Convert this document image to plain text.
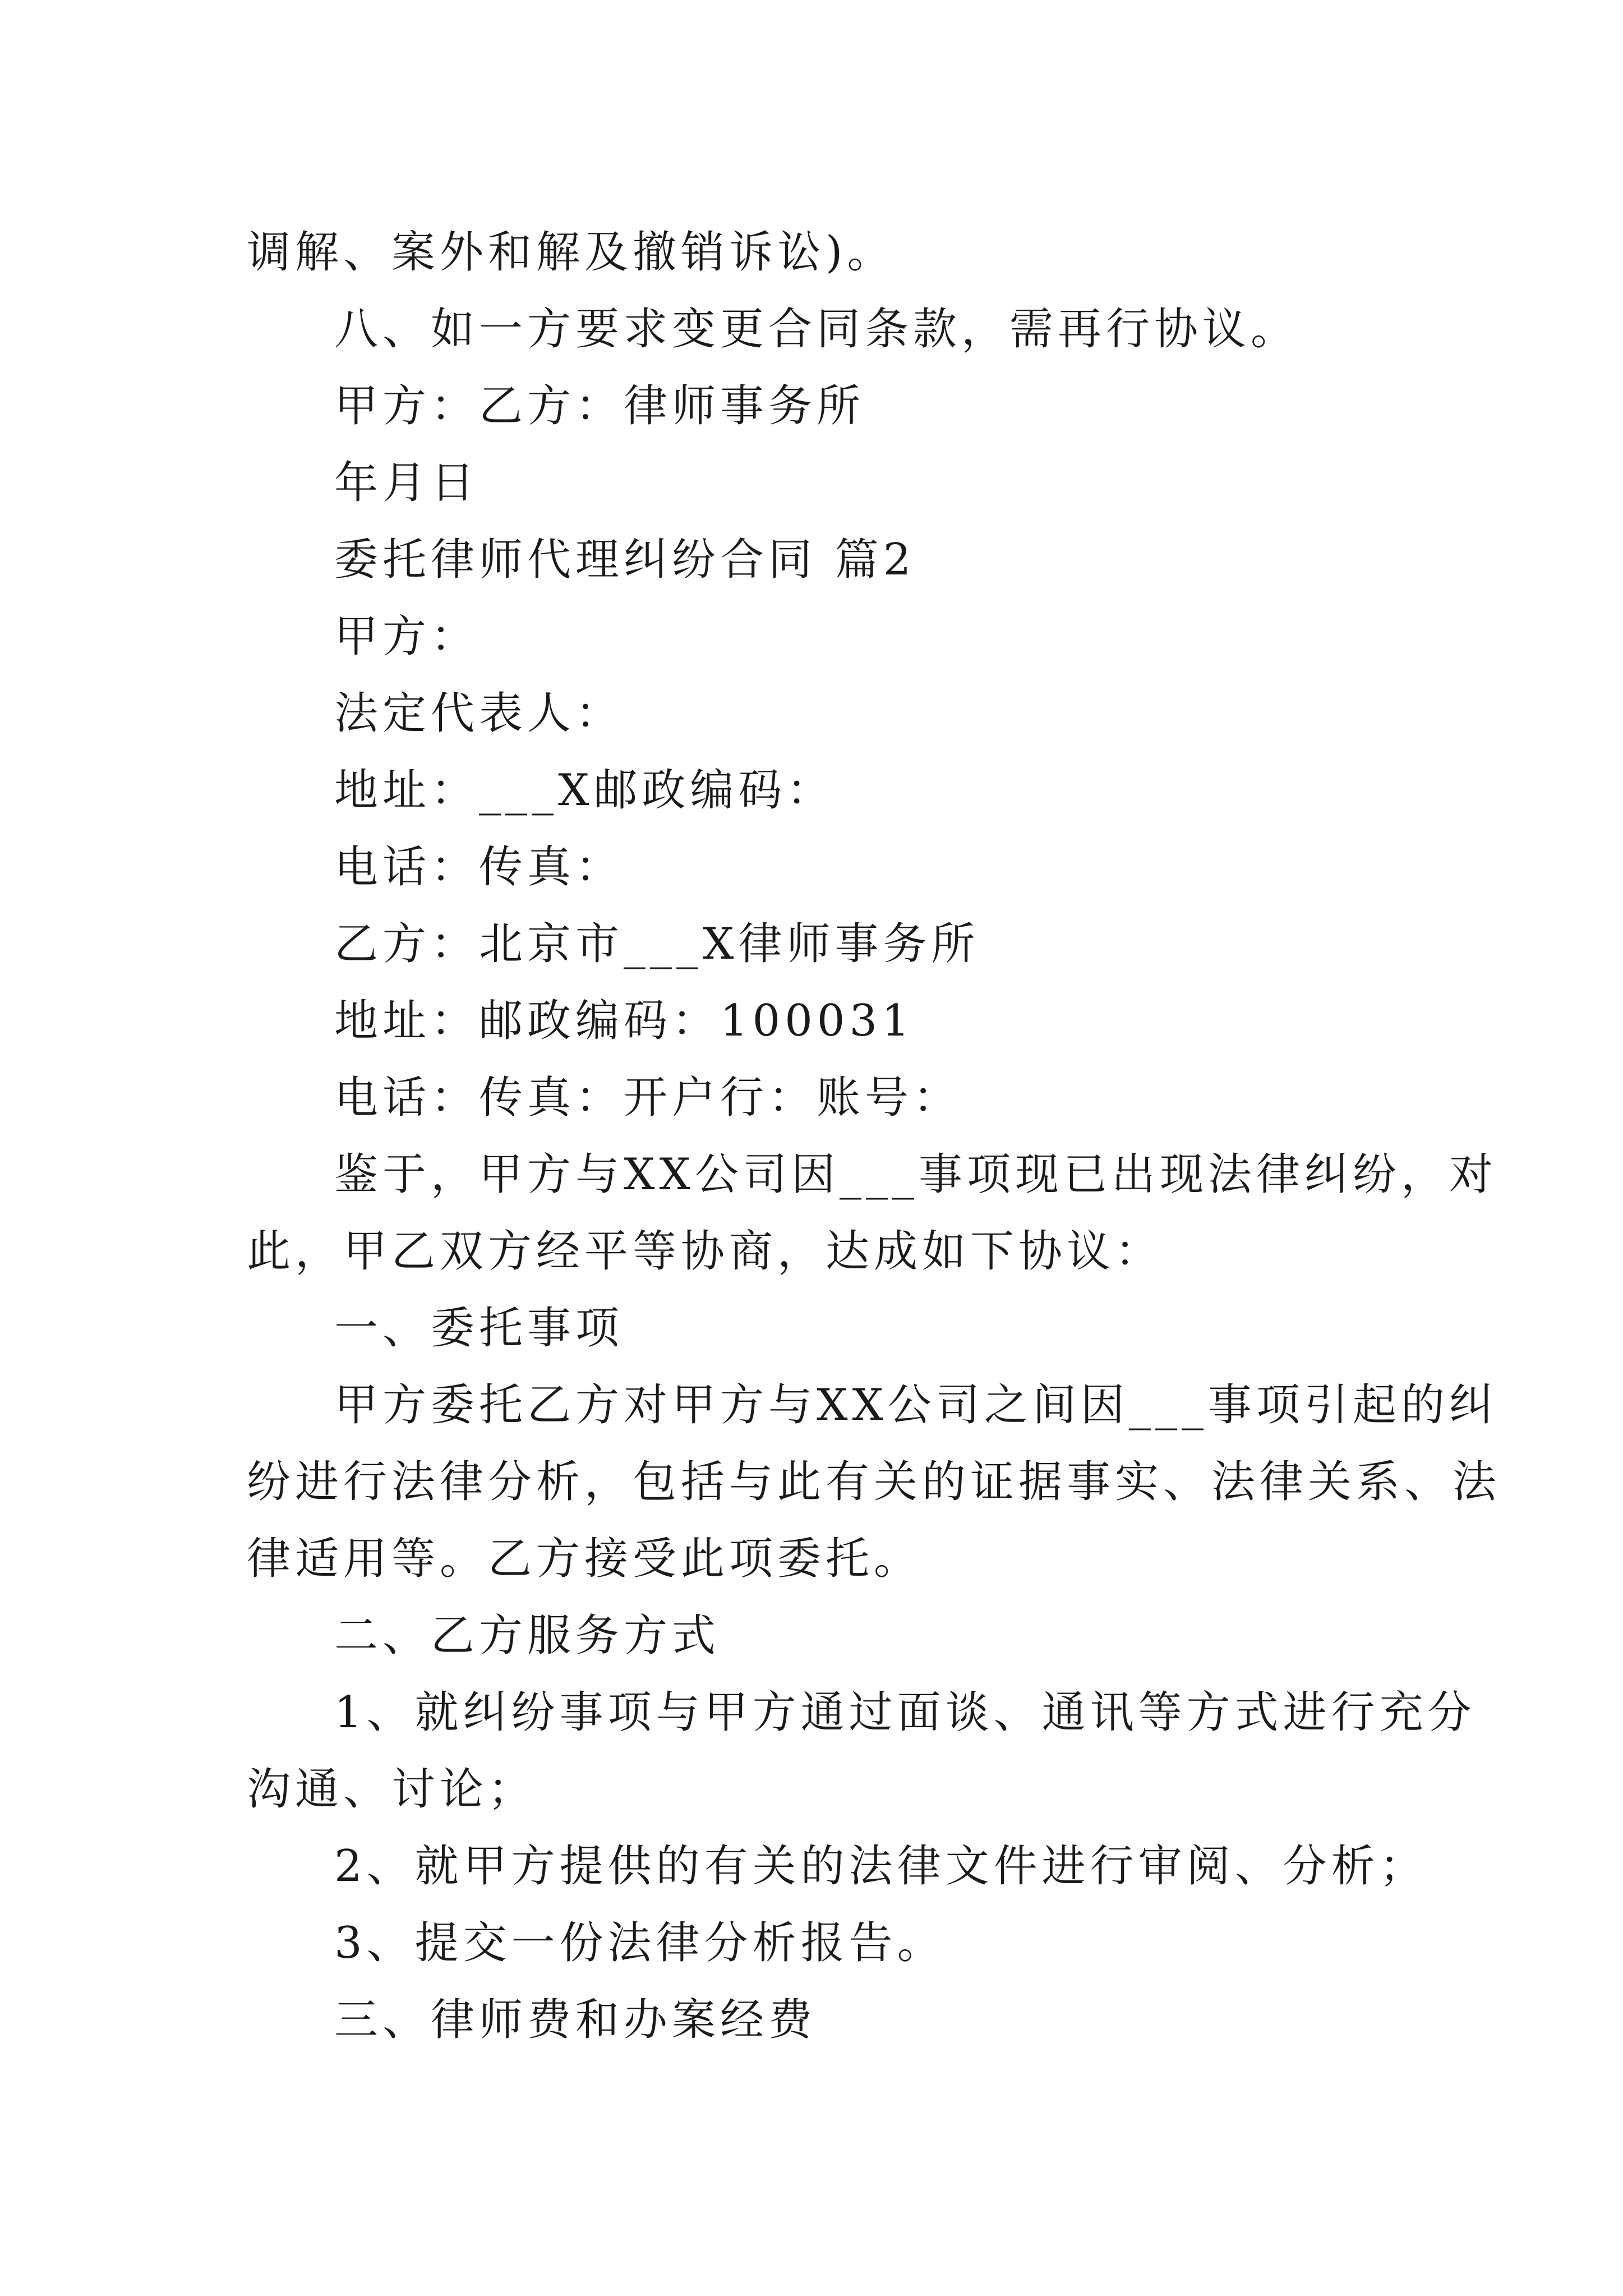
调解、案外和解及撤销诉讼)。
八、如一方要求变更合同条款，需再行协议。
甲方：乙方：律师事务所
年月日
委托律师代理纠纷合同 篇2
甲方：
法定代表人：
地址：___X邮政编码：
电话：传真：
乙方：北京市___X律师事务所
地址：邮政编码：100031
电话：传真：开户行：账号：
鉴于，甲方与XX公司因___事项现已出现法律纠纷，对
此，甲乙双方经平等协商，达成如下协议：
一、委托事项
甲方委托乙方对甲方与XX公司之间因___事项引起的纠
纷进行法律分析，包括与此有关的证据事实、法律关系、法
律适用等。乙方接受此项委托。
二、乙方服务方式
1、就纠纷事项与甲方通过面谈、通讯等方式进行充分
沟通、讨论；
2、就甲方提供的有关的法律文件进行审阅、分析；
3、提交一份法律分析报告。
三、律师费和办案经费
